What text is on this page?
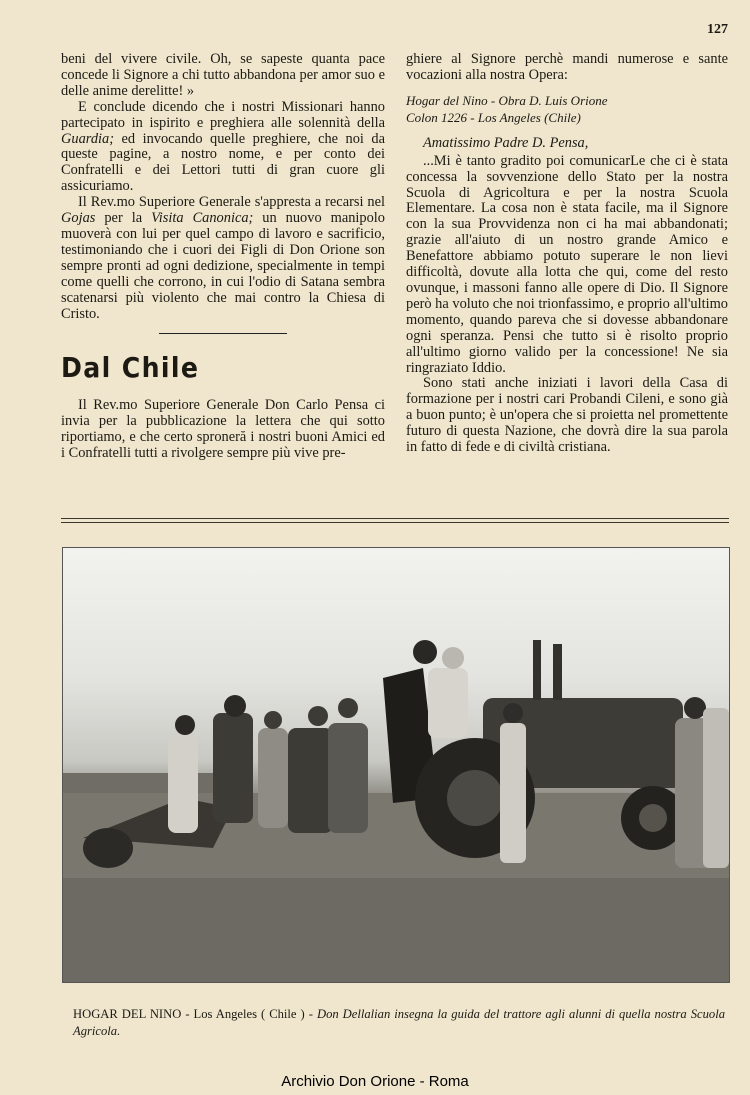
127

beni del vivere civile. Oh, se sapeste quanta pace concede li Signore a chi tutto abbandona per amor suo e delle anime derelitte! »

E conclude dicendo che i nostri Missionari hanno partecipato in ispirito e preghiera alle solennità della Guardia; ed invocando quelle preghiere, che noi da queste pagine, a nostro nome, e per conto dei Confratelli e dei Lettori tutti di gran cuore gli assicuriamo.

Il Rev.mo Superiore Generale s'appresta a recarsi nel Gojas per la Visita Canonica; un nuovo manipolo muoverà con lui per quel campo di lavoro e sacrificio, testimoniando che i cuori dei Figli di Don Orione son sempre pronti ad ogni dedizione, specialmente in tempi come quelli che corrono, in cui l'odio di Satana sembra scatenarsi più violento che mai contro la Chiesa di Cristo.

Dal Chile

Il Rev.mo Superiore Generale Don Carlo Pensa ci invia per la pubblicazione la lettera che qui sotto riportiamo, e che certo sproneră i nostri buoni Amici ed i Confratelli tutti a rivolgere sempre più vive pre-

ghiere al Signore perchè mandi numerose e sante vocazioni alla nostra Opera:

Hogar del Nino - Obra D. Luis Orione
Colon 1226 - Los Angeles (Chile)

Amatissimo Padre D. Pensa,

...Mi è tanto gradito poi comunicarLe che ci è stata concessa la sovvenzione dello Stato per la nostra Scuola di Agricoltura e per la nostra Scuola Elementare. La cosa non è stata facile, ma il Signore con la sua Provvidenza non ci ha mai abbandonati; grazie all'aiuto di un nostro grande Amico e Benefattore abbiamo potuto superare le non lievi difficoltà, dovute alla lotta che qui, come del resto ovunque, i massoni fanno alle opere di Dio. Il Signore però ha voluto che noi trionfassimo, e proprio all'ultimo momento, quando pareva che si dovesse abbandonare ogni speranza. Pensi che tutto si è risolto proprio all'ultimo giorno valido per la concessione! Ne sia ringraziato Iddio.

Sono stati anche iniziati i lavori della Casa di formazione per i nostri cari Probandi Cileni, e sono già a buon punto; è un'opera che si proietta nel promettente futuro di questa Nazione, che dovrà dire la sua parola in fatto di fede e di civiltà cristiana.

HOGAR DEL NINO - Los Angeles ( Chile ) - Don Dellalian insegna la guida del trattore agli alunni di quella nostra Scuola Agricola.
Archivio Don Orione - Roma
